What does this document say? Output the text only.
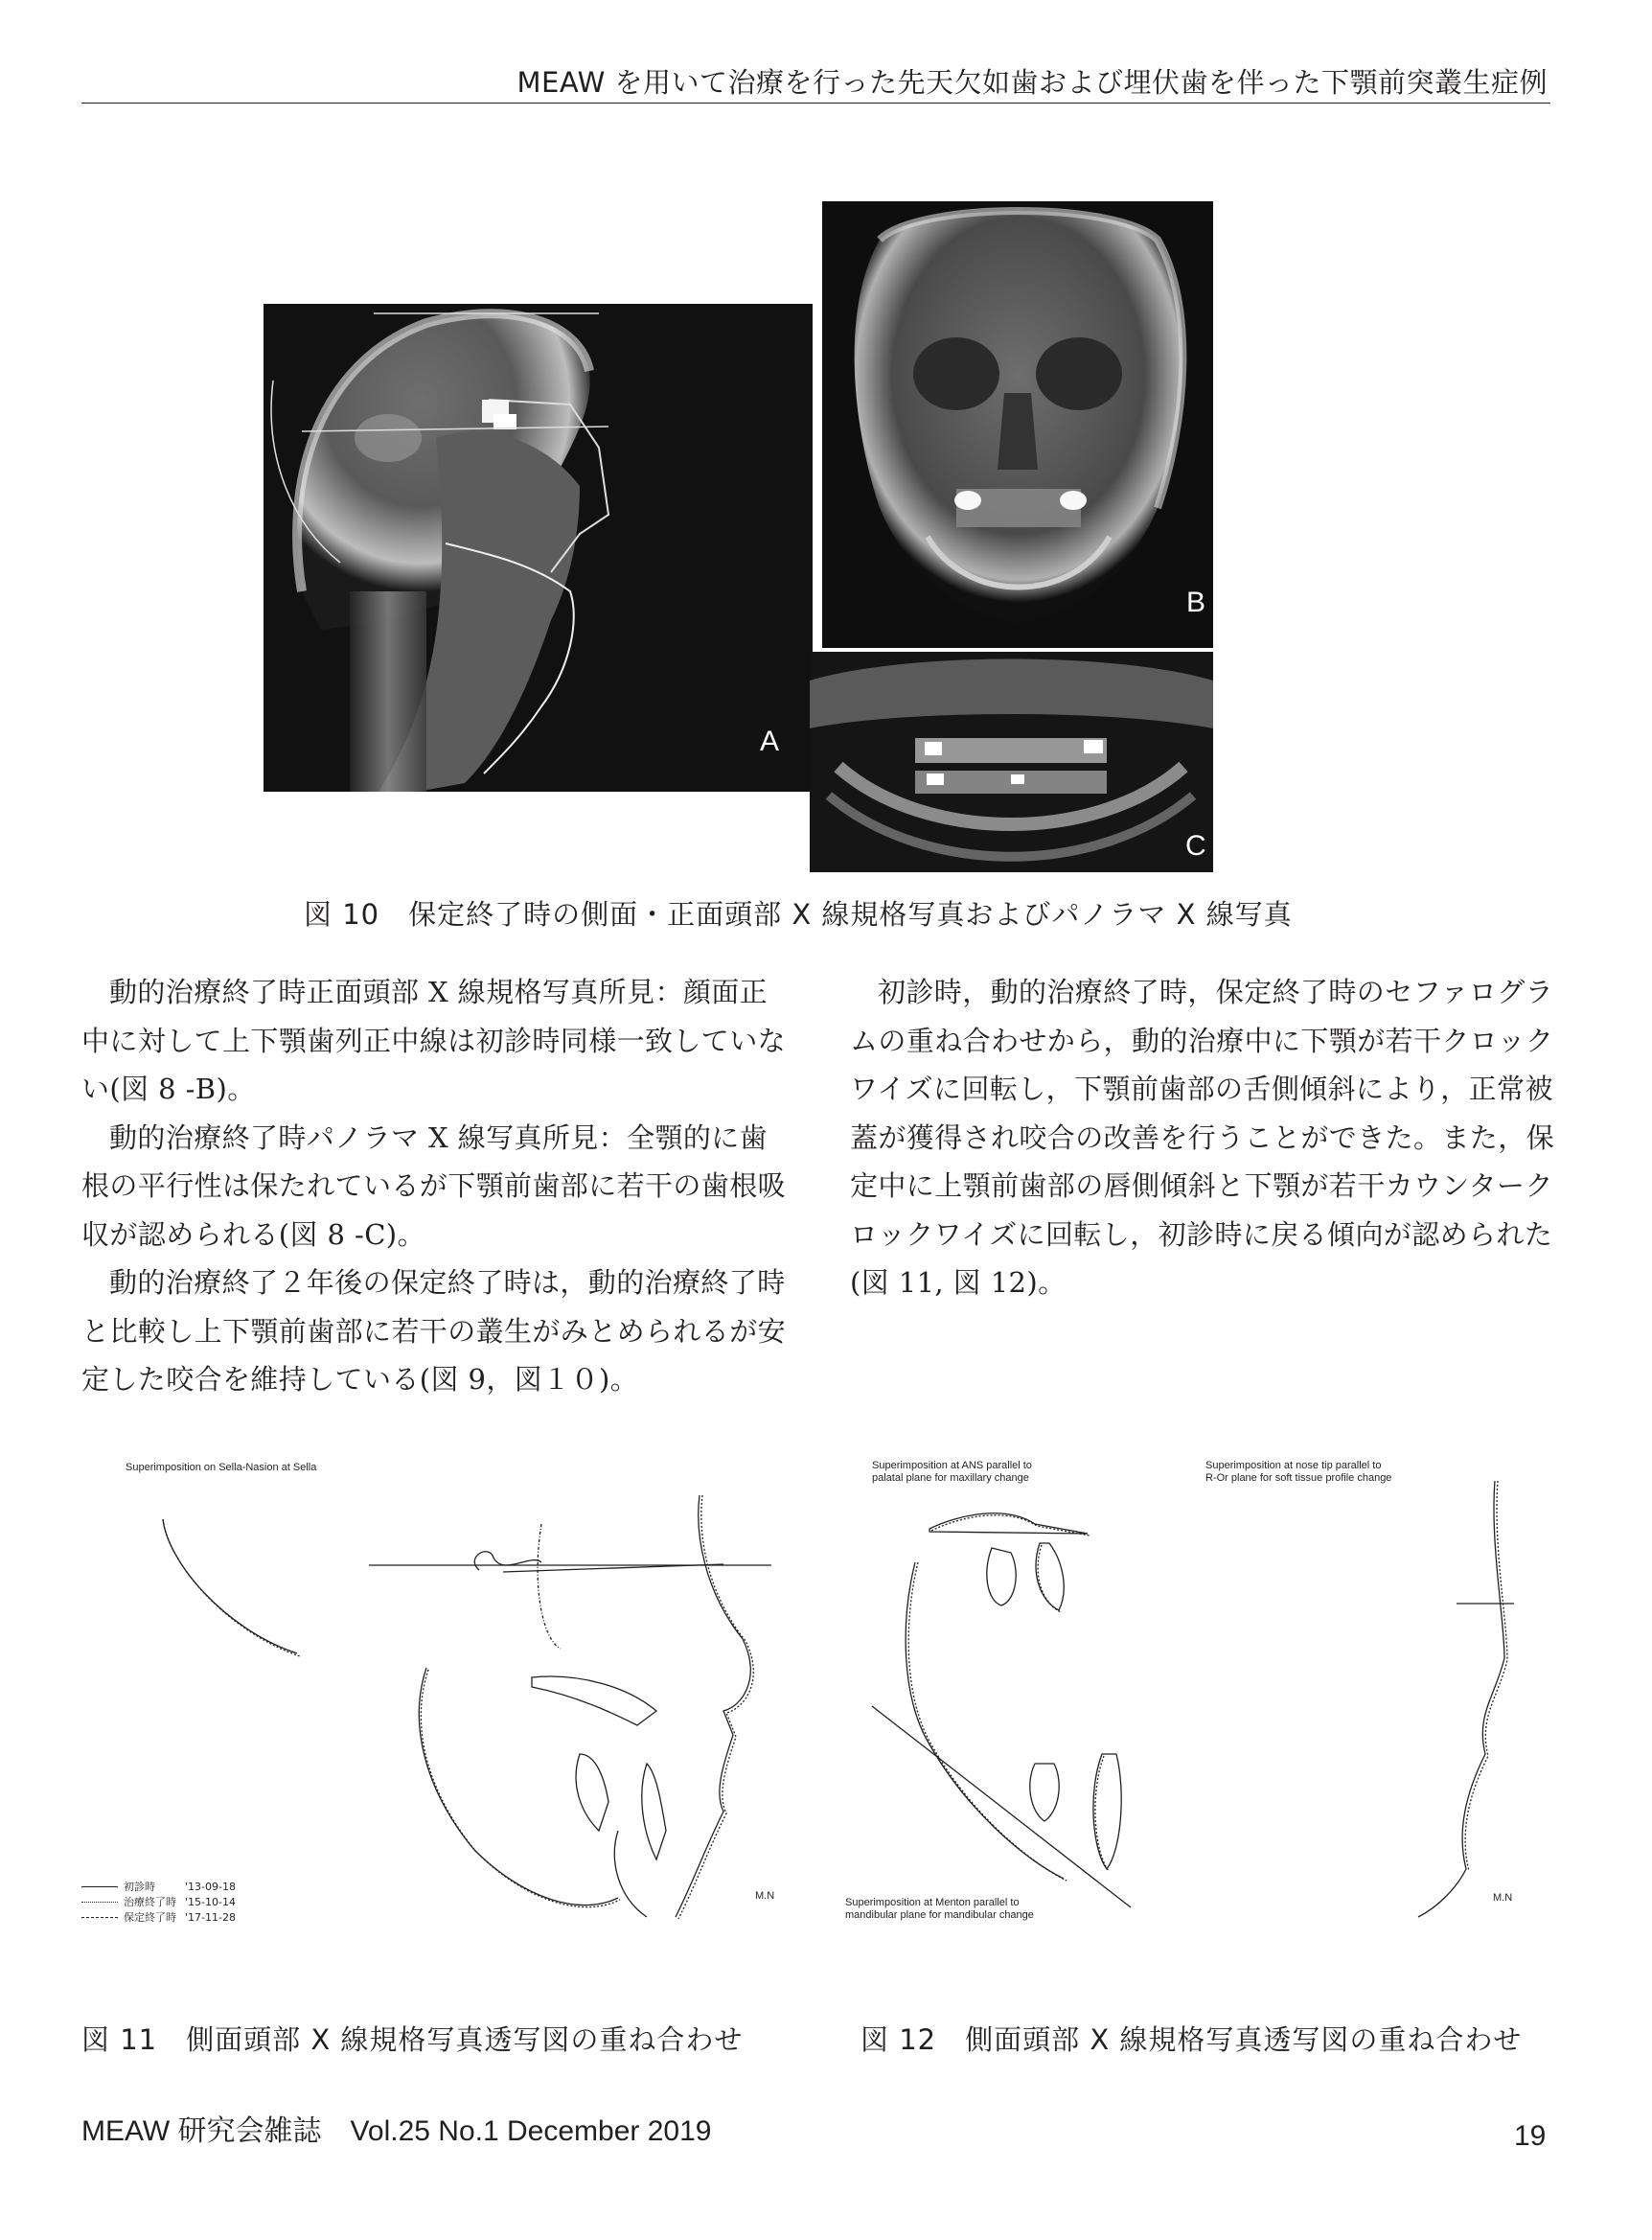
MEAW を用いて治療を行った先天欠如歯および埋伏歯を伴った下顎前突叢生症例
A
B
C
図 10　保定終了時の側面・正面頭部 X 線規格写真およびパノラマ X 線写真

動的治療終了時正面頭部 X 線規格写真所見：顔面正中に対して上下顎歯列正中線は初診時同様一致していない(図 8 -B)。

動的治療終了時パノラマ X 線写真所見：全顎的に歯根の平行性は保たれているが下顎前歯部に若干の歯根吸収が認められる(図 8 -C)。

動的治療終了２年後の保定終了時は，動的治療終了時と比較し上下顎前歯部に若干の叢生がみとめられるが安定した咬合を維持している(図 9，図１０)。

初診時，動的治療終了時，保定終了時のセファログラムの重ね合わせから，動的治療中に下顎が若干クロックワイズに回転し，下顎前歯部の舌側傾斜により，正常被蓋が獲得され咬合の改善を行うことができた。また，保定中に上顎前歯部の唇側傾斜と下顎が若干カウンタークロックワイズに回転し，初診時に戻る傾向が認められた(図 11, 図 12)。

Superimposition on Sella-Nasion at Sella
初診時	'13-09-18
治療終了時 '15-10-14
保定終了時 '17-11-28
M.N
図 11　側面頭部 X 線規格写真透写図の重ね合わせ
Superimposition at ANS parallel to
palatal plane for maxillary change
Superimposition at nose tip parallel to
R-Or plane for soft tissue profile change
Superimposition at Menton parallel to
mandibular plane for mandibular change
M.N
図 12　側面頭部 X 線規格写真透写図の重ね合わせ
MEAW 研究会雑誌　Vol.25 No.1 December 2019	19
